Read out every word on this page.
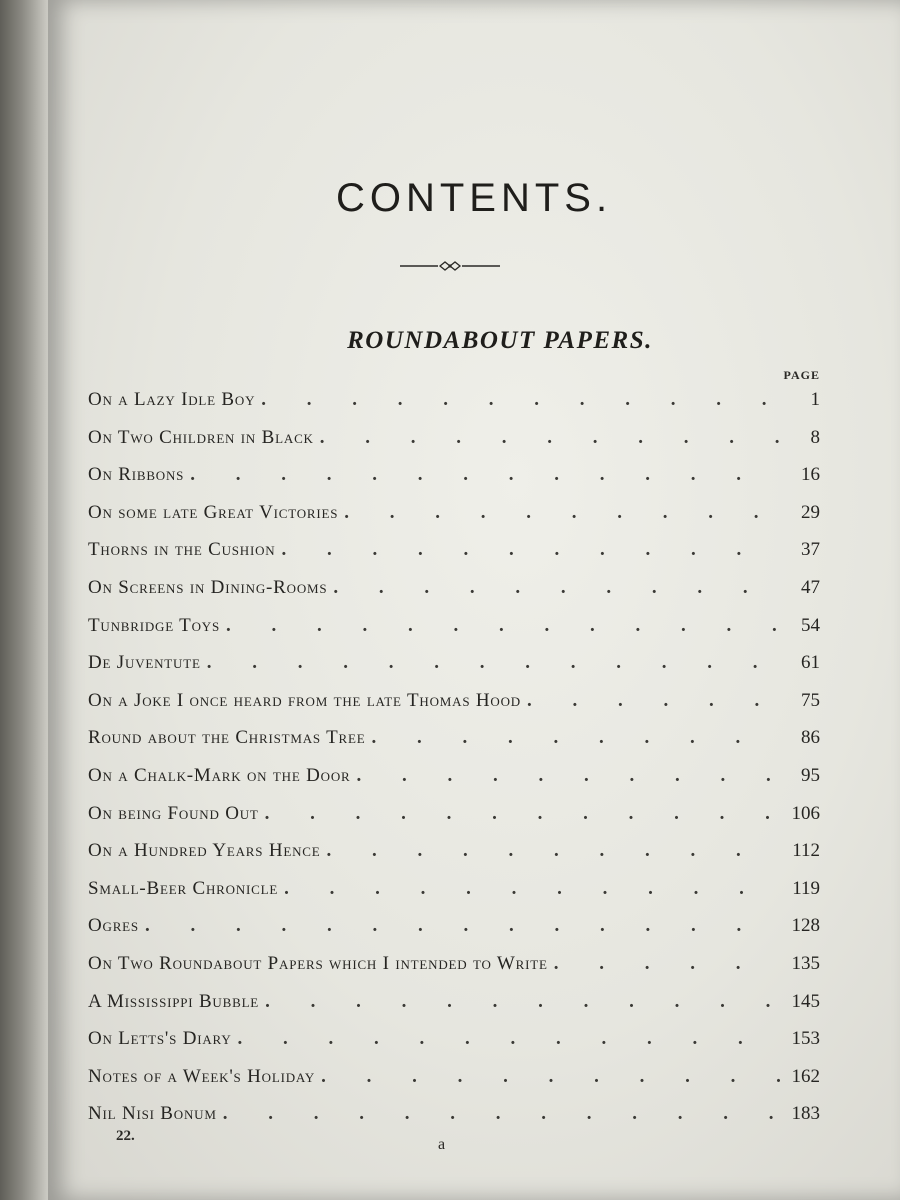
CONTENTS.
ROUNDABOUT PAPERS.
PAGE
On a Lazy Idle Boy . . .	1
On Two Children in Black . . .	8
On Ribbons . . .	16
On some late Great Victories . . .	29
Thorns in the Cushion . . .	37
On Screens in Dining-Rooms . . .	47
Tunbridge Toys . . .	54
De Juventute . . .	61
On a Joke I once heard from the late Thomas Hood . . .	75
Round about the Christmas Tree . . .	86
On a Chalk-Mark on the Door . . .	95
On being Found Out . . .	106
On a Hundred Years Hence . . .	112
Small-Beer Chronicle . . .	119
Ogres . . .	128
On Two Roundabout Papers which I intended to Write . . .	135
A Mississippi Bubble . . .	145
On Letts's Diary . . .	153
Notes of a Week's Holiday . . .	162
Nil Nisi Bonum . . .	183
22.	a
